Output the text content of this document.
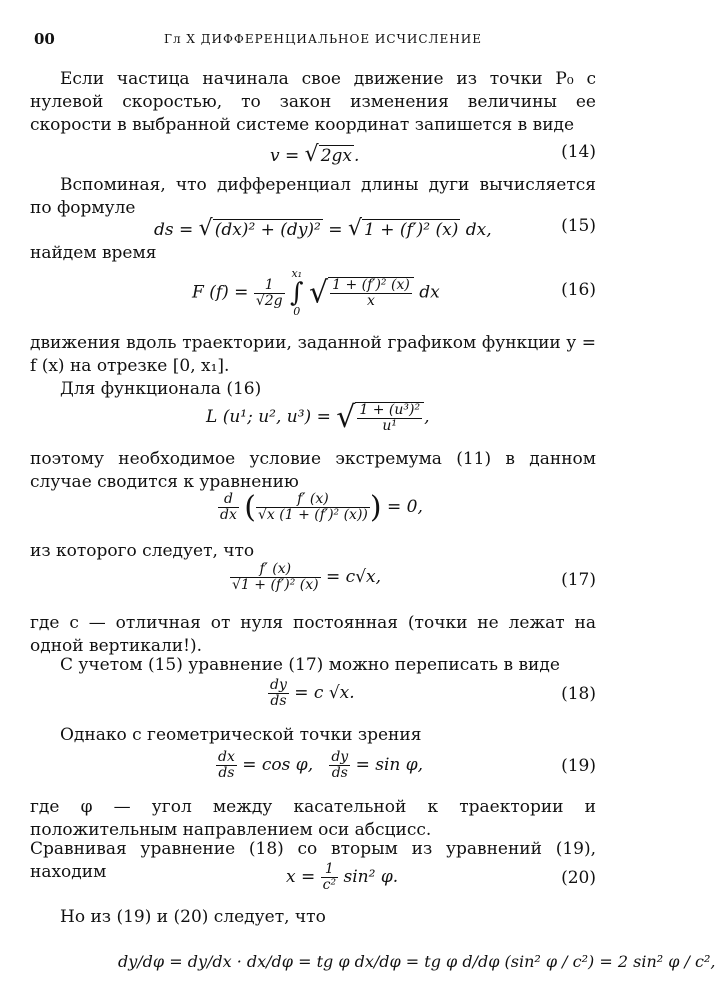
00	Гл X ДИФФЕРЕНЦИАЛЬНОЕ ИСЧИСЛЕНИЕ
Если частица начинала свое движение из точки P₀ с нулевой скоростью, то закон изменения величины ее скорости в выбранной системе координат запишется в виде
v = √ 2gx .	(14)
Вспоминая, что дифференциал длины дуги вычисляется по формуле
ds = √ (dx)² + (dy)² = √ 1 + (f′)² (x) dx,	(15)
найдем время
F $(f) = \frac{1}{√2g}$

x₁
∫
0
√ $\frac{\text{1 + (f′)² (x)}}{x}$ dx	(16)
движения вдоль траектории, заданной графиком функции y = f (x) на отрезке [0, x₁].
Для функционала (16)
L (u¹; u², u³) = √ $\frac{\text{1 + (u³)²}}{\text{u¹}}$ ,
поэтому необходимое условие экстремума (11) в данном случае сводится к уравнению
$\frac{d}{dx}$ ( $\frac{f' (x)}{\text{√x (1 + (f′)² (x))}}$ ) = 0,
из которого следует, что
$\frac{f' (x)}{\text{√1 + (f′)² (x)}} = c√x$,	(17)
где c — отличная от нуля постоянная (точки не лежат на одной вертикали!).
С учетом (15) уравнение (17) можно переписать в виде
$\frac{dy}{ds} = c$ √x.	(18)
Однако с геометрической точки зрения
$\frac{dx}{ds} = \cos \varphi$, $\frac{dy}{ds} = \sin \varphi$,	(19)
где φ — угол между касательной к траектории и положительным направлением оси абсцисс.
Сравнивая уравнение (18) со вторым из уравнений (19), находим	$x = \frac{1}{\text{c²}} \sin^2$ φ.	(20)
Но из (19) и (20) следует, что
dy/dφ = dy/dx · dx/dφ = tg φ dx/dφ = tg φ d/dφ (sin² φ / c²) = 2 sin² φ / c²,
